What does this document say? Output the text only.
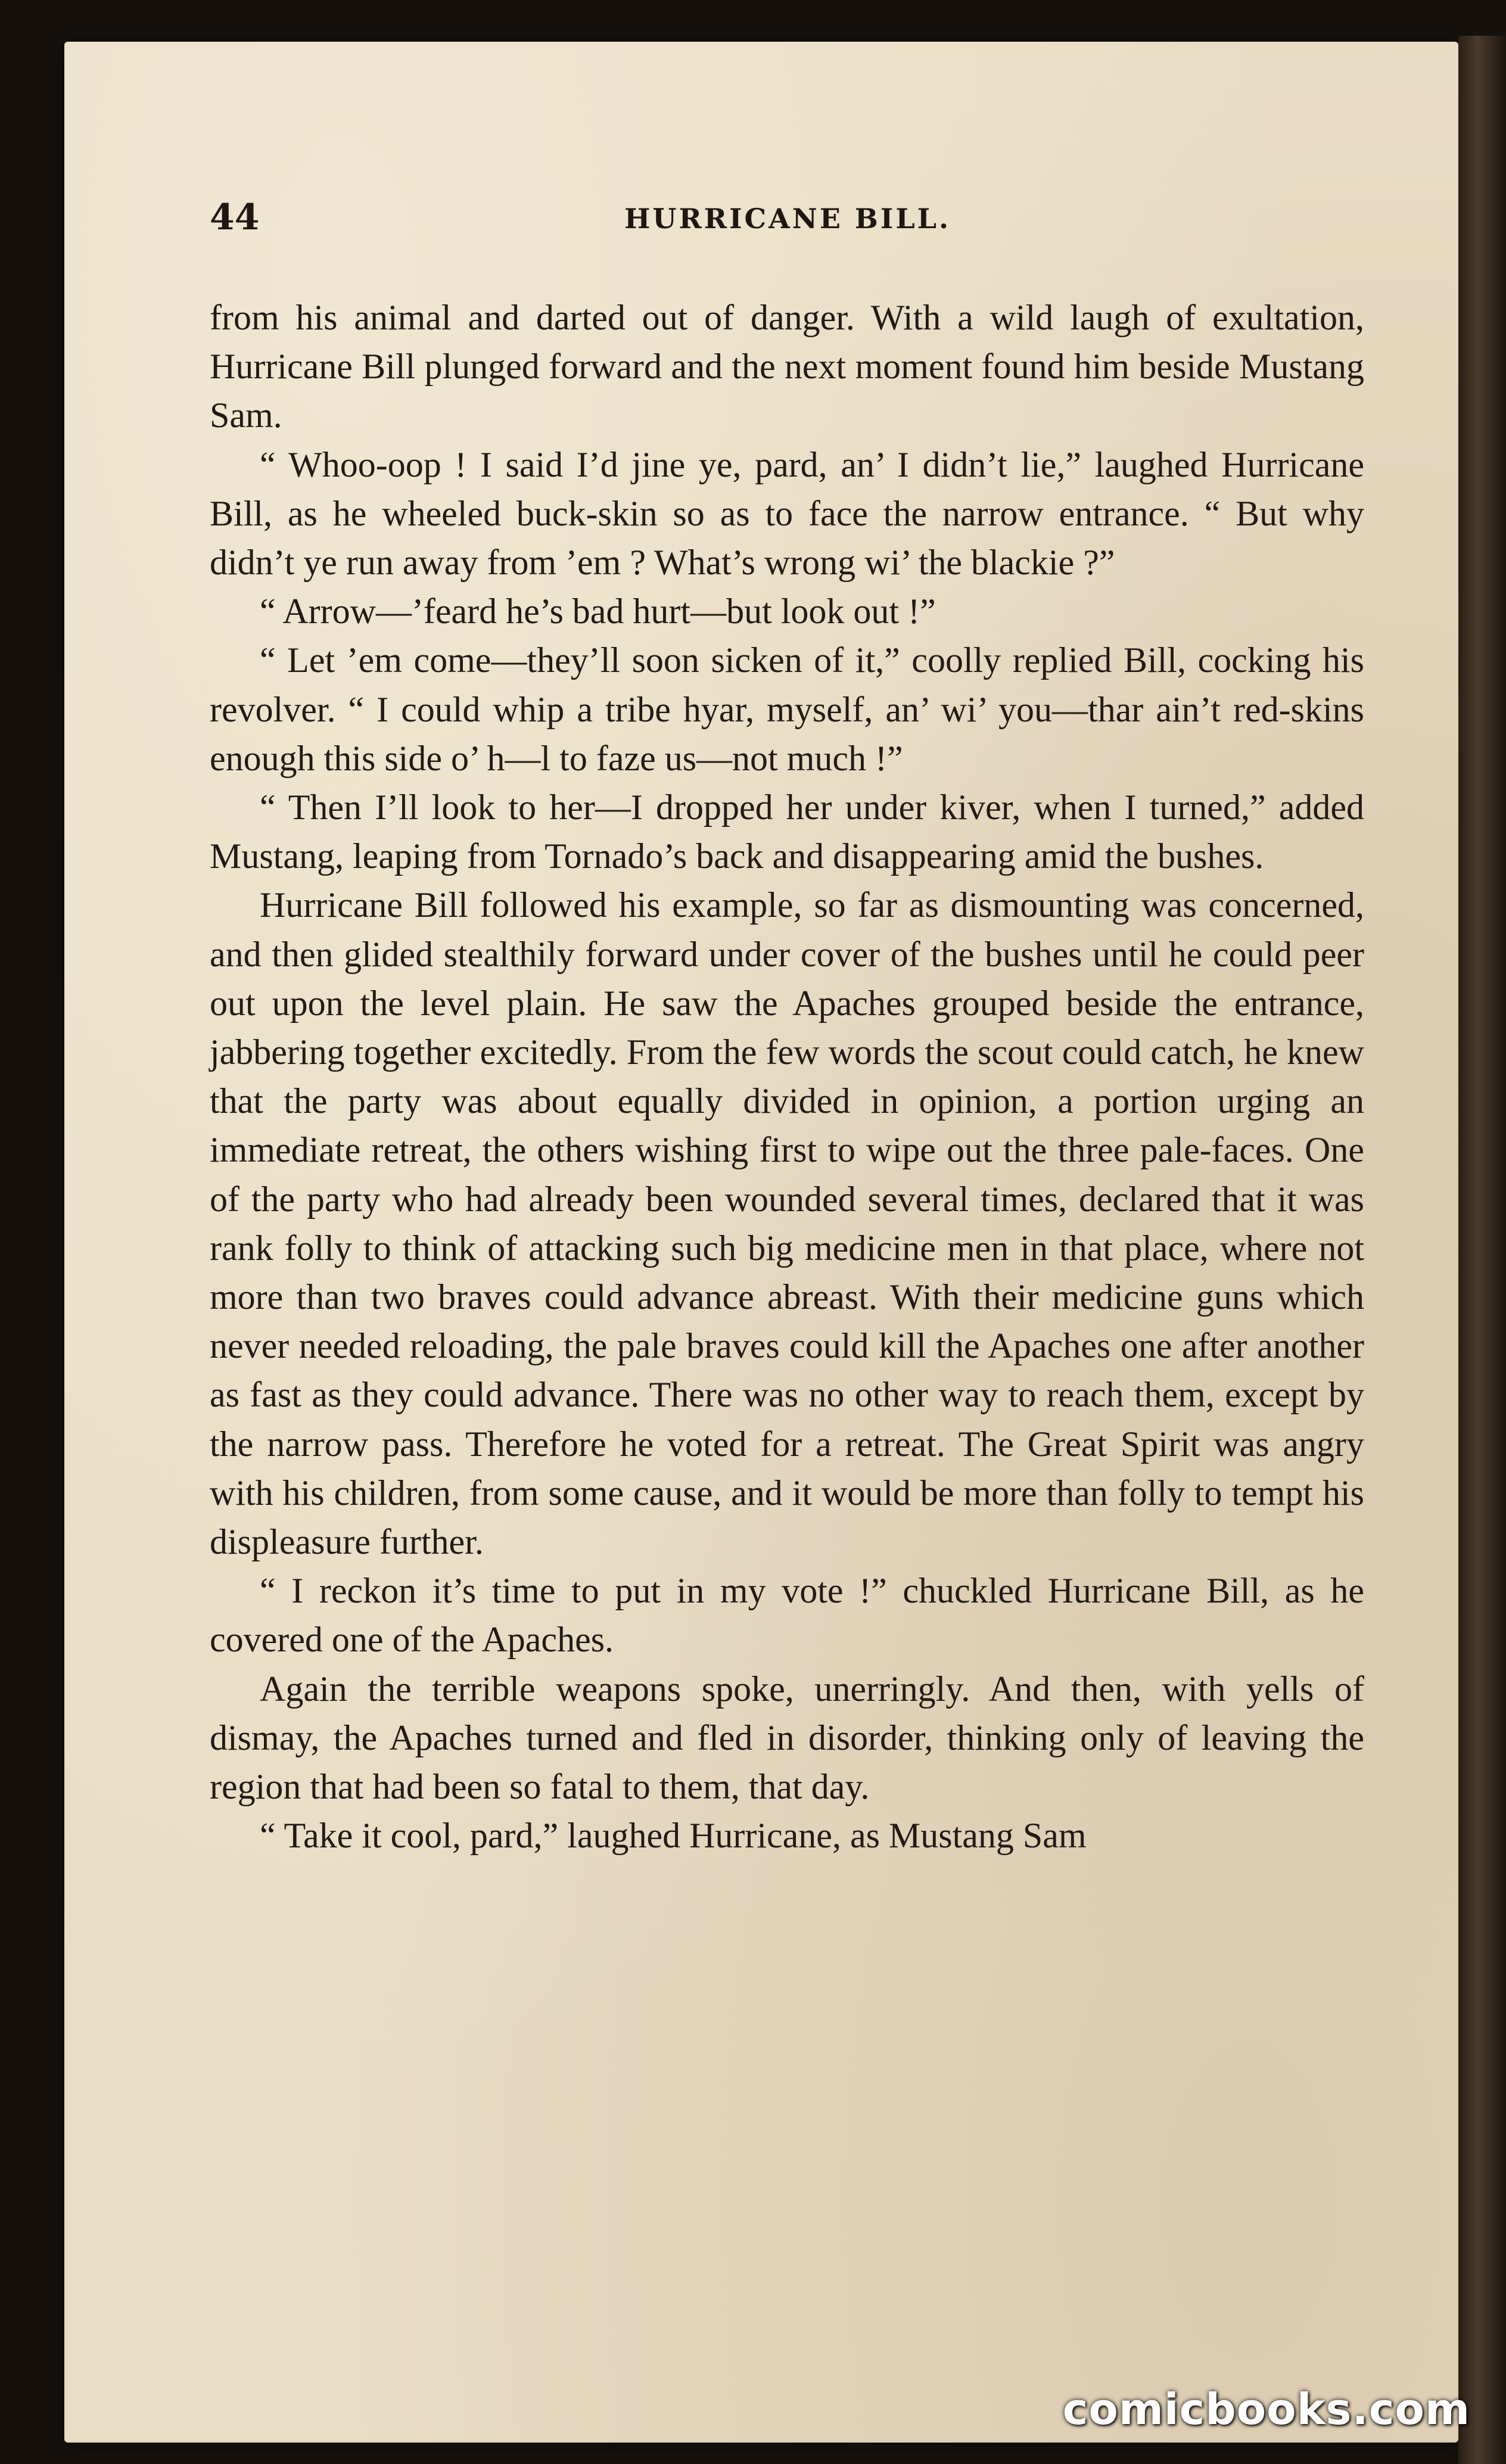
44	HURRICANE BILL.

from his animal and darted out of danger. With a wild laugh of exultation, Hurricane Bill plunged forward and the next moment found him beside Mustang Sam.

“ Whoo-oop ! I said I’d jine ye, pard, an’ I didn’t lie,” laughed Hurricane Bill, as he wheeled buck-skin so as to face the narrow entrance. “ But why didn’t ye run away from ’em ? What’s wrong wi’ the blackie ?”

“ Arrow—’feard he’s bad hurt—but look out !”

“ Let ’em come—they’ll soon sicken of it,” coolly replied Bill, cocking his revolver. “ I could whip a tribe hyar, myself, an’ wi’ you—thar ain’t red-skins enough this side o’ h—l to faze us—not much !”

“ Then I’ll look to her—I dropped her under kiver, when I turned,” added Mustang, leaping from Tornado’s back and disappearing amid the bushes.

Hurricane Bill followed his example, so far as dismounting was concerned, and then glided stealthily forward under cover of the bushes until he could peer out upon the level plain. He saw the Apaches grouped beside the entrance, jabbering together excitedly. From the few words the scout could catch, he knew that the party was about equally divided in opinion, a portion urging an immediate retreat, the others wishing first to wipe out the three pale-faces. One of the party who had already been wounded several times, declared that it was rank folly to think of attacking such big medicine men in that place, where not more than two braves could advance abreast. With their medicine guns which never needed reloading, the pale braves could kill the Apaches one after another as fast as they could advance. There was no other way to reach them, except by the narrow pass. Therefore he voted for a retreat. The Great Spirit was angry with his children, from some cause, and it would be more than folly to tempt his displeasure further.

“ I reckon it’s time to put in my vote !” chuckled Hurricane Bill, as he covered one of the Apaches.

Again the terrible weapons spoke, unerringly. And then, with yells of dismay, the Apaches turned and fled in disorder, thinking only of leaving the region that had been so fatal to them, that day.

“ Take it cool, pard,” laughed Hurricane, as Mustang Sam

comicbooks.com
